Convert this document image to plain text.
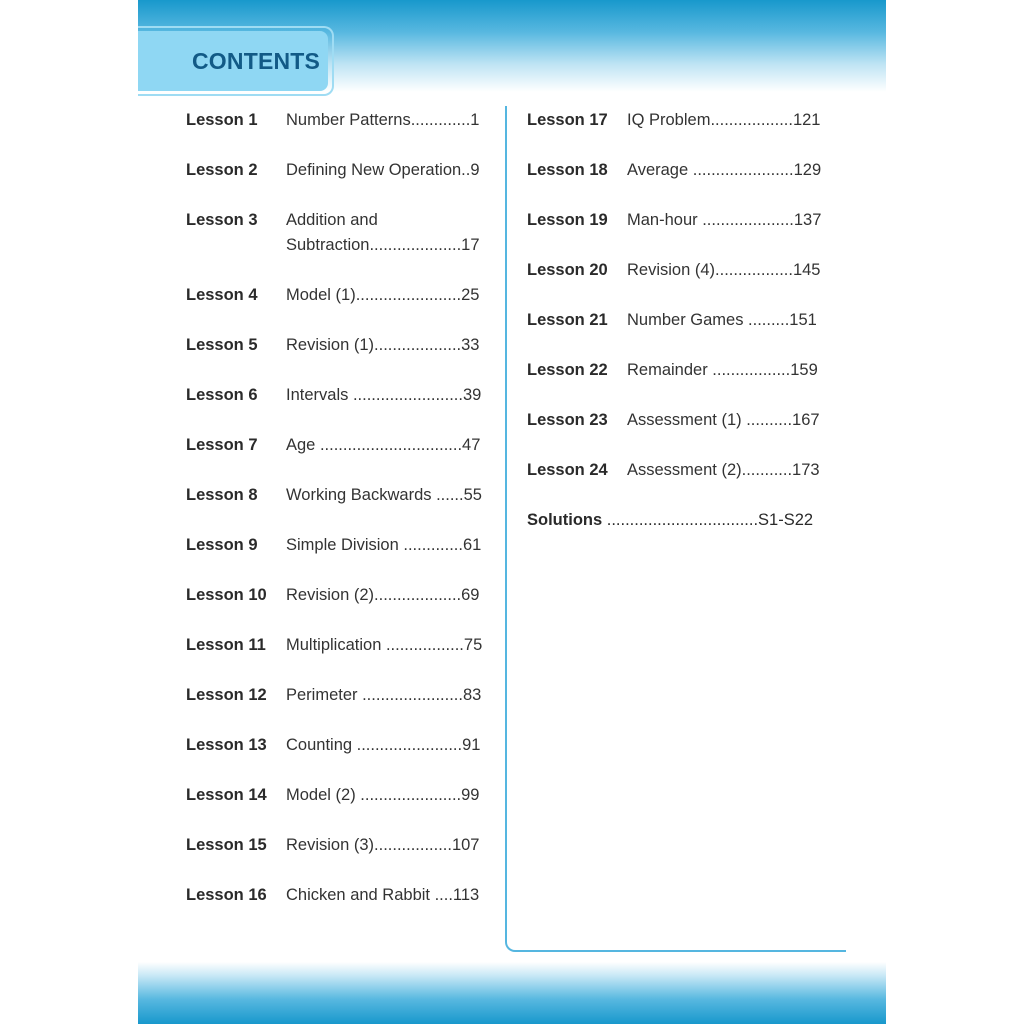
CONTENTS
Lesson 1 Number Patterns.............1
Lesson 2 Defining New Operation..9
Lesson 3 Addition and
Subtraction....................17
Lesson 4 Model (1).......................25
Lesson 5 Revision (1)...................33
Lesson 6 Intervals ........................39
Lesson 7 Age ...............................47
Lesson 8 Working Backwards ......55
Lesson 9 Simple Division .............61
Lesson 10 Revision (2)...................69
Lesson 11 Multiplication .................75
Lesson 12 Perimeter ......................83
Lesson 13 Counting .......................91
Lesson 14 Model (2) ......................99
Lesson 15 Revision (3).................107
Lesson 16 Chicken and Rabbit ....113
Lesson 17 IQ Problem..................121
Lesson 18 Average ......................129
Lesson 19 Man-hour ....................137
Lesson 20 Revision (4).................145
Lesson 21 Number Games .........151
Lesson 22 Remainder .................159
Lesson 23 Assessment (1) ..........167
Lesson 24 Assessment (2)...........173
Solutions .................................S1-S22
